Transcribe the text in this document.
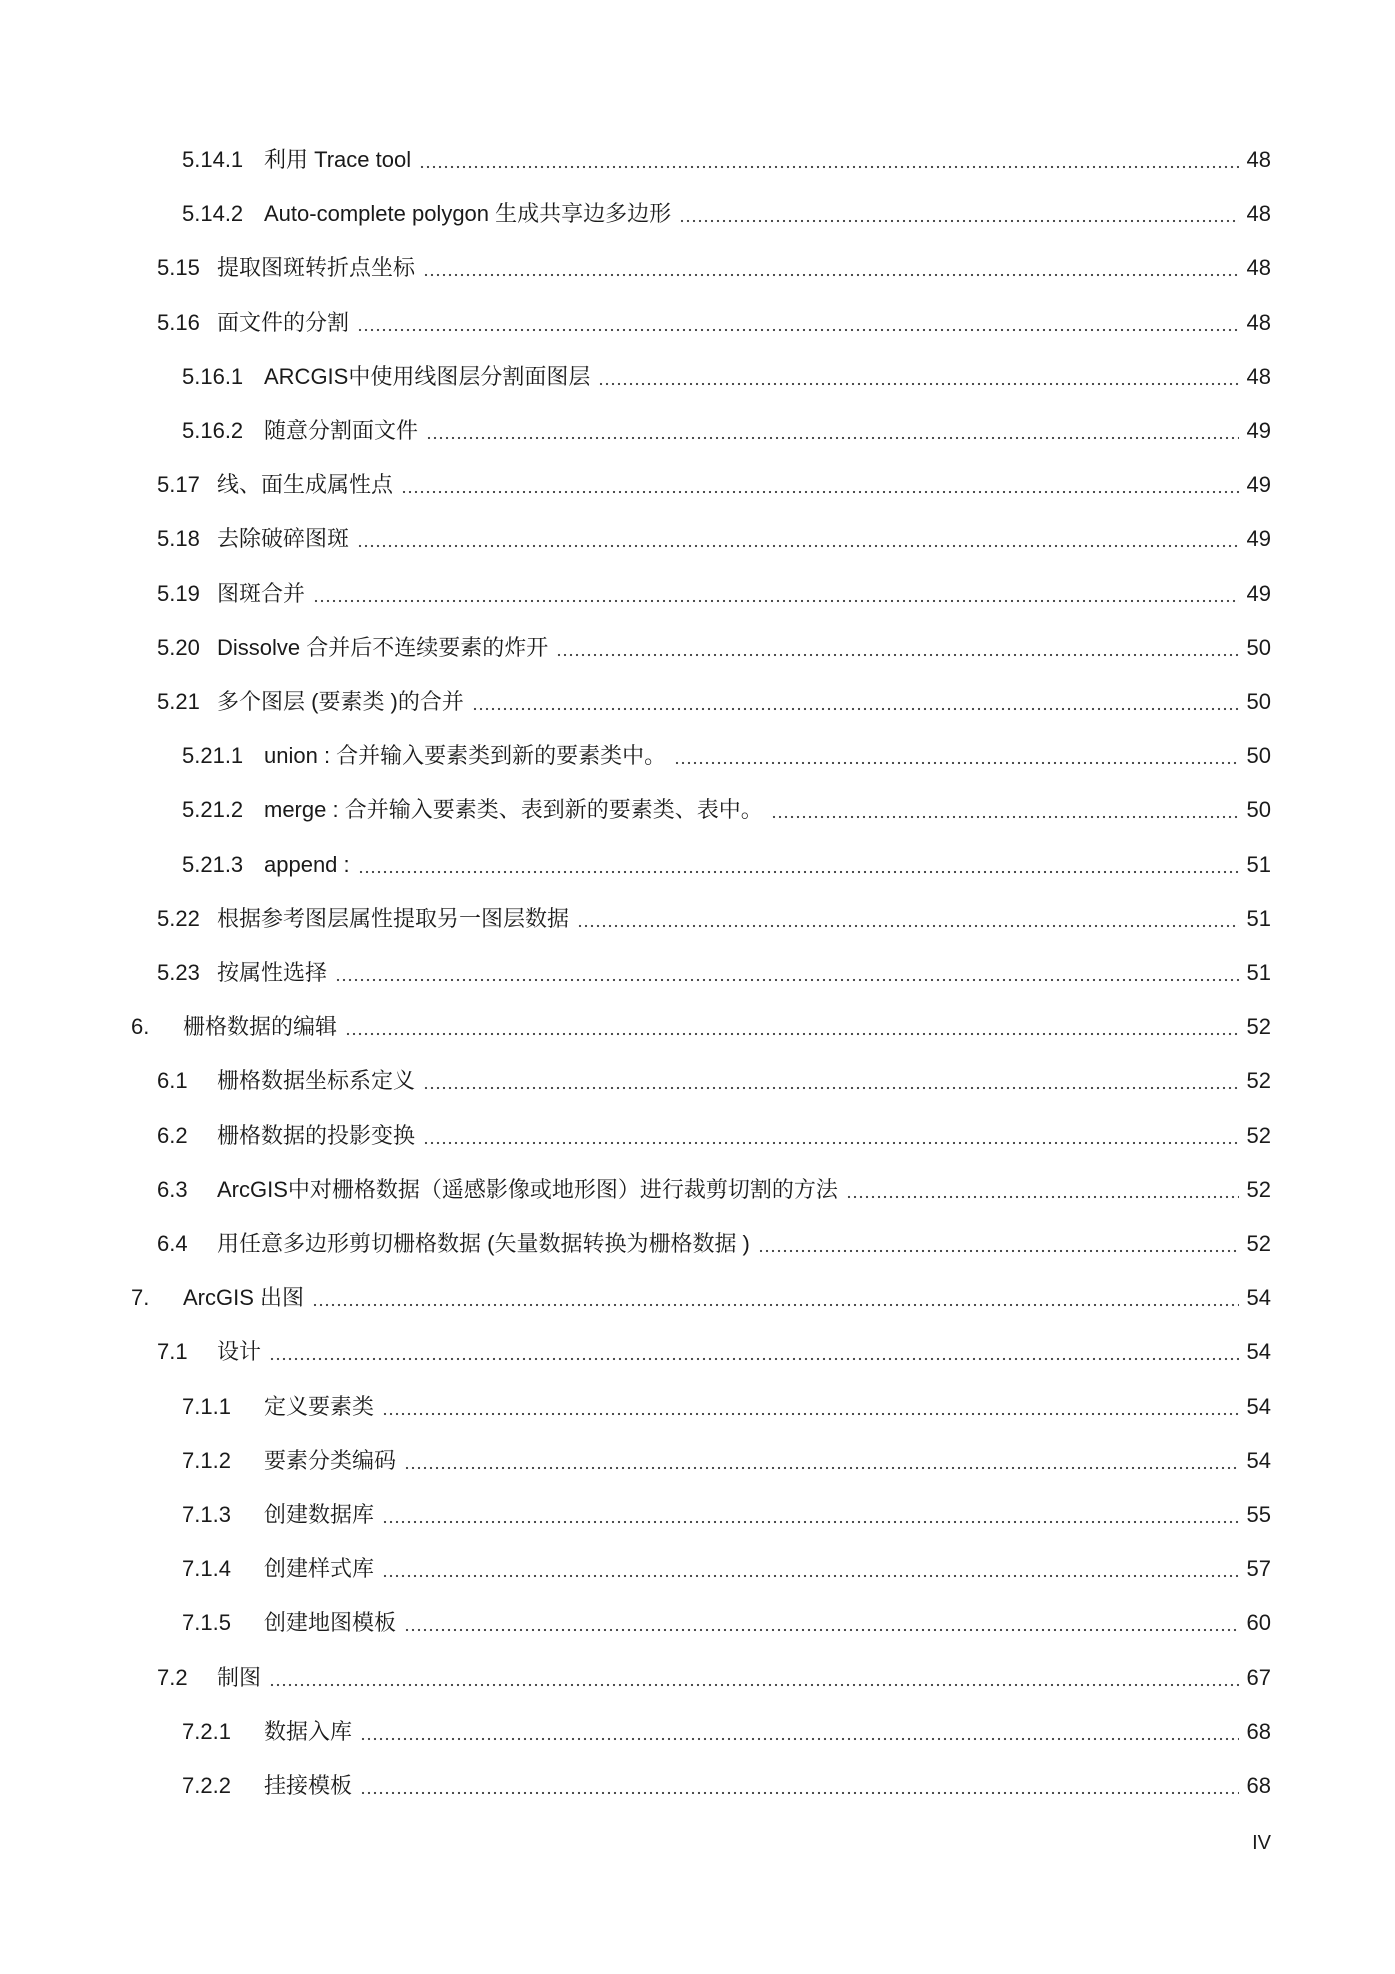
5.14.1 利用 Trace tool	48
5.14.2 Auto-complete polygon 生成共享边多边形	48
5.15 提取图斑转折点坐标	48
5.16 面文件的分割	48
5.16.1 ARCGIS中使用线图层分割面图层	48
5.16.2 随意分割面文件	49
5.17 线、面生成属性点	49
5.18 去除破碎图斑	49
5.19 图斑合并	49
5.20 Dissolve 合并后不连续要素的炸开	50
5.21 多个图层 (要素类 )的合并	50
5.21.1 union : 合并输入要素类到新的要素类中。	50
5.21.2 merge : 合并输入要素类、表到新的要素类、表中。	50
5.21.3 append :	51
5.22 根据参考图层属性提取另一图层数据	51
5.23 按属性选择	51
6.	栅格数据的编辑	52
6.1	栅格数据坐标系定义	52
6.2	栅格数据的投影变换	52
6.3	ArcGIS中对栅格数据（遥感影像或地形图）进行裁剪切割的方法	52
6.4	用任意多边形剪切栅格数据 (矢量数据转换为栅格数据 )	52
7.	ArcGIS 出图	54
7.1	设计	54
7.1.1	定义要素类	54
7.1.2	要素分类编码	54
7.1.3	创建数据库	55
7.1.4	创建样式库	57
7.1.5	创建地图模板	60
7.2	制图	67
7.2.1	数据入库	68
7.2.2	挂接模板	68
IV
